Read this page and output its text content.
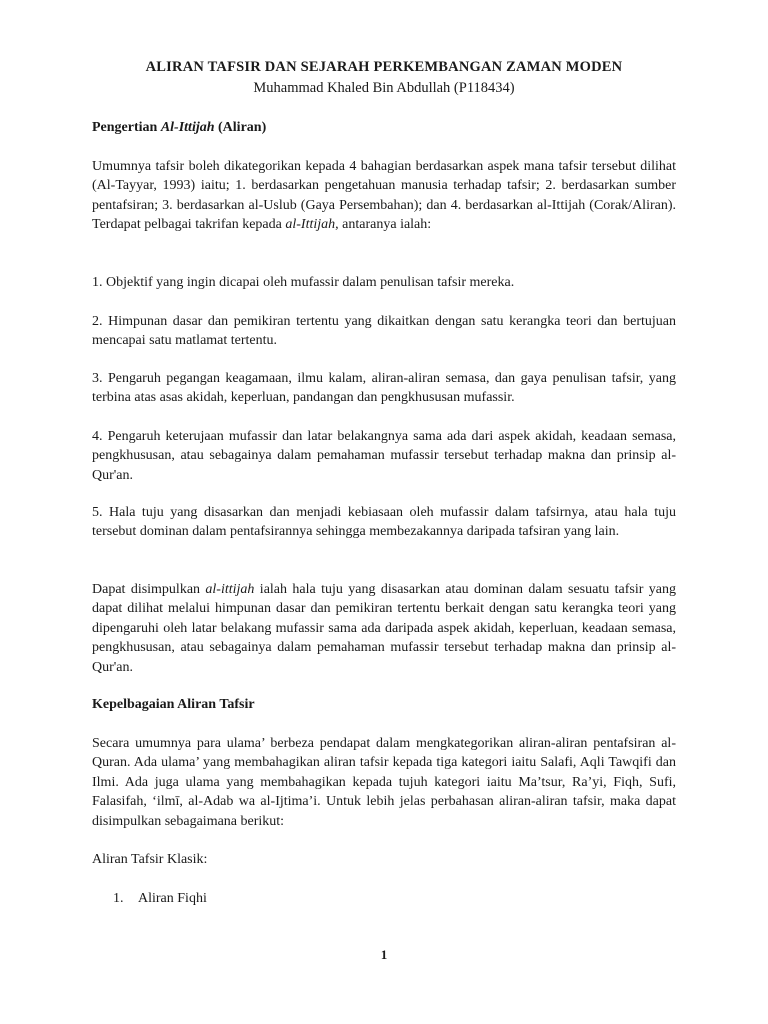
ALIRAN TAFSIR DAN SEJARAH PERKEMBANGAN ZAMAN MODEN
Muhammad Khaled Bin Abdullah (P118434)
Pengertian Al-Ittijah (Aliran)
Umumnya tafsir boleh dikategorikan kepada 4 bahagian berdasarkan aspek mana tafsir tersebut dilihat (Al-Tayyar, 1993) iaitu; 1. berdasarkan pengetahuan manusia terhadap tafsir; 2. berdasarkan sumber pentafsiran; 3. berdasarkan al-Uslub (Gaya Persembahan); dan 4. berdasarkan al-Ittijah (Corak/Aliran). Terdapat pelbagai takrifan kepada al-Ittijah, antaranya ialah:
1. Objektif yang ingin dicapai oleh mufassir dalam penulisan tafsir mereka.
2. Himpunan dasar dan pemikiran tertentu yang dikaitkan dengan satu kerangka teori dan bertujuan mencapai satu matlamat tertentu.
3. Pengaruh pegangan keagamaan, ilmu kalam, aliran-aliran semasa, dan gaya penulisan tafsir, yang terbina atas asas akidah, keperluan, pandangan dan pengkhususan mufassir.
4. Pengaruh keterujaan mufassir dan latar belakangnya sama ada dari aspek akidah, keadaan semasa, pengkhususan, atau sebagainya dalam pemahaman mufassir tersebut terhadap makna dan prinsip al-Qur'an.
5. Hala tuju yang disasarkan dan menjadi kebiasaan oleh mufassir dalam tafsirnya, atau hala tuju tersebut dominan dalam pentafsirannya sehingga membezakannya daripada tafsiran yang lain.
Dapat disimpulkan al-ittijah ialah hala tuju yang disasarkan atau dominan dalam sesuatu tafsir yang dapat dilihat melalui himpunan dasar dan pemikiran tertentu berkait dengan satu kerangka teori yang dipengaruhi oleh latar belakang mufassir sama ada daripada aspek akidah, keperluan, keadaan semasa, pengkhususan, atau sebagainya dalam pemahaman mufassir tersebut terhadap makna dan prinsip al-Qur'an.
Kepelbagaian Aliran Tafsir
Secara umumnya para ulama’ berbeza pendapat dalam mengkategorikan aliran-aliran pentafsiran al-Quran. Ada ulama’ yang membahagikan aliran tafsir kepada tiga kategori iaitu Salafi, Aqli Tawqifi dan Ilmi. Ada juga ulama yang membahagikan kepada tujuh kategori iaitu Ma’tsur, Ra’yi, Fiqh, Sufi, Falasifah, ‘ilmī, al-Adab wa al-Ijtima’i. Untuk lebih jelas perbahasan aliran-aliran tafsir, maka dapat disimpulkan sebagaimana berikut:
Aliran Tafsir Klasik:
1. Aliran Fiqhi
1
